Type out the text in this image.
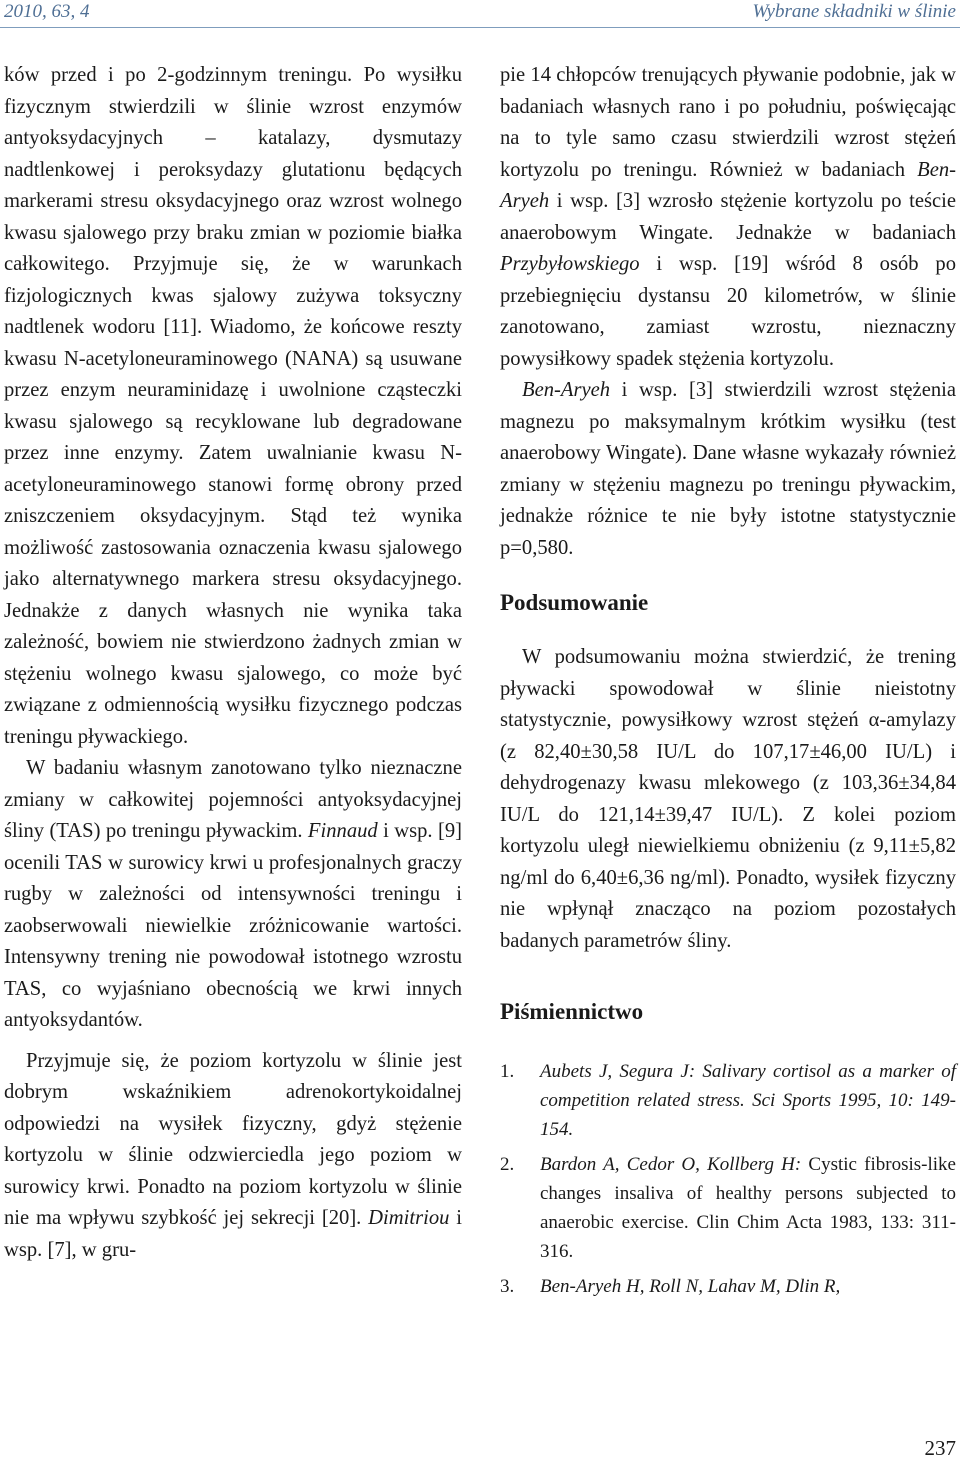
2010, 63, 4	Wybrane składniki w ślinie

ków przed i po 2-godzinnym treningu. Po wysiłku fizycznym stwierdzili w ślinie wzrost enzymów antyoksydacyjnych – katalazy, dysmutazy nadtlenkowej i peroksydazy glutationu będących markerami stresu oksydacyjnego oraz wzrost wolnego kwasu sjalowego przy braku zmian w poziomie białka całkowitego. Przyjmuje się, że w warunkach fizjologicznych kwas sjalowy zużywa toksyczny nadtlenek wodoru [11]. Wiadomo, że końcowe reszty kwasu N-acetyloneuraminowego (NANA) są usuwane przez enzym neuraminidazę i uwolnione cząsteczki kwasu sjalowego są recyklowane lub degradowane przez inne enzymy. Zatem uwalnianie kwasu N-acetyloneuraminowego stanowi formę obrony przed zniszczeniem oksydacyjnym. Stąd też wynika możliwość zastosowania oznaczenia kwasu sjalowego jako alternatywnego markera stresu oksydacyjnego. Jednakże z danych własnych nie wynika taka zależność, bowiem nie stwierdzono żadnych zmian w stężeniu wolnego kwasu sjalowego, co może być związane z odmiennością wysiłku fizycznego podczas treningu pływackiego.

W badaniu własnym zanotowano tylko nieznaczne zmiany w całkowitej pojemności antyoksydacyjnej śliny (TAS) po treningu pływackim. Finnaud i wsp. [9] ocenili TAS w surowicy krwi u profesjonalnych graczy rugby w zależności od intensywności treningu i zaobserwowali niewielkie zróżnicowanie wartości. Intensywny trening nie powodował istotnego wzrostu TAS, co wyjaśniano obecnością we krwi innych antyoksydantów.

Przyjmuje się, że poziom kortyzolu w ślinie jest dobrym wskaźnikiem adrenokortykoidalnej odpowiedzi na wysiłek fizyczny, gdyż stężenie kortyzolu w ślinie odzwierciedla jego poziom w surowicy krwi. Ponadto na poziom kortyzolu w ślinie nie ma wpływu szybkość jej sekrecji [20]. Dimitriou i wsp. [7], w gru-

pie 14 chłopców trenujących pływanie podobnie, jak w badaniach własnych rano i po południu, poświęcając na to tyle samo czasu stwierdzili wzrost stężeń kortyzolu po treningu. Również w badaniach Ben-Aryeh i wsp. [3] wzrosło stężenie kortyzolu po teście anaerobowym Wingate. Jednakże w badaniach Przybyłowskiego i wsp. [19] wśród 8 osób po przebiegnięciu dystansu 20 kilometrów, w ślinie zanotowano, zamiast wzrostu, nieznaczny powysiłkowy spadek stężenia kortyzolu.

Ben-Aryeh i wsp. [3] stwierdzili wzrost stężenia magnezu po maksymalnym krótkim wysiłku (test anaerobowy Wingate). Dane własne wykazały również zmiany w stężeniu magnezu po treningu pływackim, jednakże różnice te nie były istotne statystycznie p=0,580.

Podsumowanie

W podsumowaniu można stwierdzić, że trening pływacki spowodował w ślinie nieistotny statystycznie, powysiłkowy wzrost stężeń α-amylazy (z 82,40±30,58 IU/L do 107,17±46,00 IU/L) i dehydrogenazy kwasu mlekowego (z 103,36±34,84 IU/L do 121,14±39,47 IU/L). Z kolei poziom kortyzolu uległ niewielkiemu obniżeniu (z 9,11±5,82 ng/ml do 6,40±6,36 ng/ml). Ponadto, wysiłek fizyczny nie wpłynął znacząco na poziom pozostałych badanych parametrów śliny.

Piśmiennictwo
1. Aubets J, Segura J: Salivary cortisol as a marker of competition related stress. Sci Sports 1995, 10: 149-154.
2. Bardon A, Cedor O, Kollberg H: Cystic fibrosis-like changes insaliva of healthy persons subjected to anaerobic exercise. Clin Chim Acta 1983, 133: 311-316.
3. Ben-Aryeh H, Roll N, Lahav M, Dlin R,
237
